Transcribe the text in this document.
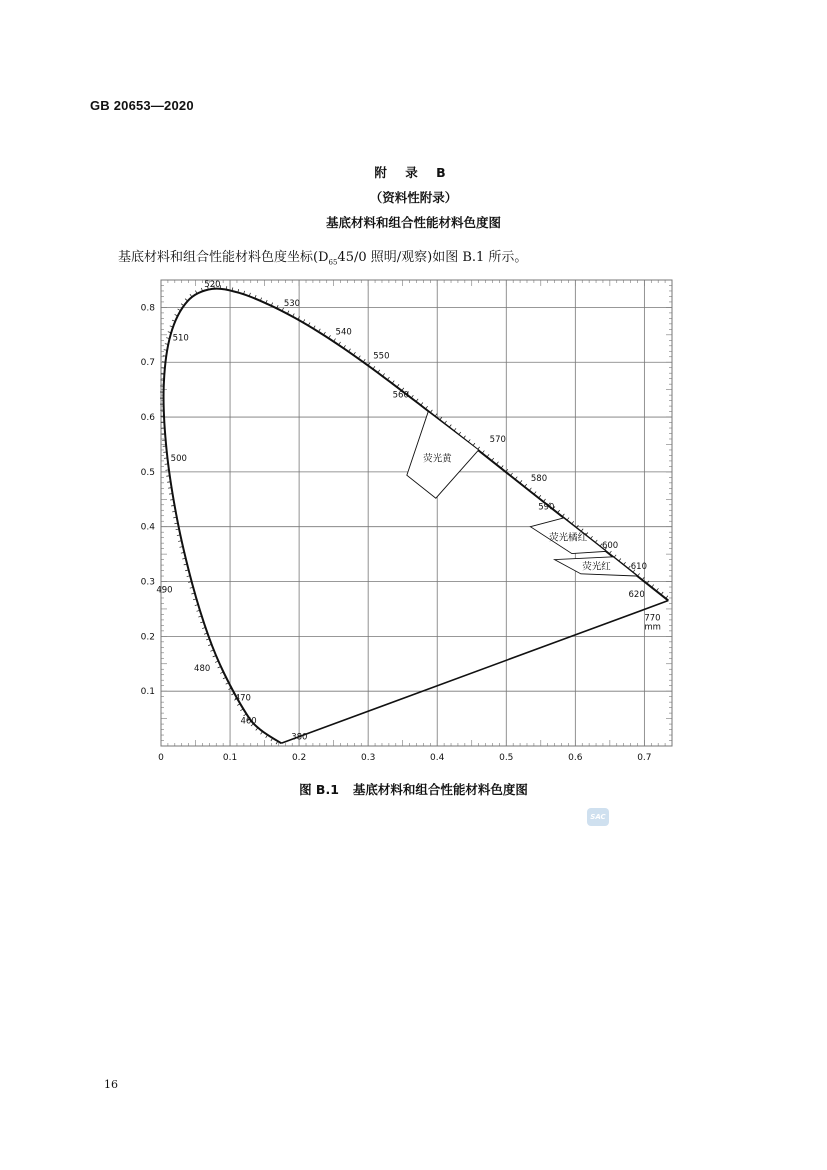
GB 20653—2020
附 录 B
（资料性附录）
基底材料和组合性能材料色度图
基底材料和组合性能材料色度坐标($D_{65}45/0$ 照明/观察)如图 B.1 所示。
0	0.1	0.2	0.3	0.4	0.5	0.6	0.7
0.1
0.2
0.3
0.4
0.5
0.6
0.7
0.8
380
460
470
480
490
500
510
520
530
540
550
560
570
580
590
600
610
620
770
mm
荧光黄
荧光橘红
荧光红
图 B.1 基底材料和组合性能材料色度图
SAC
16
